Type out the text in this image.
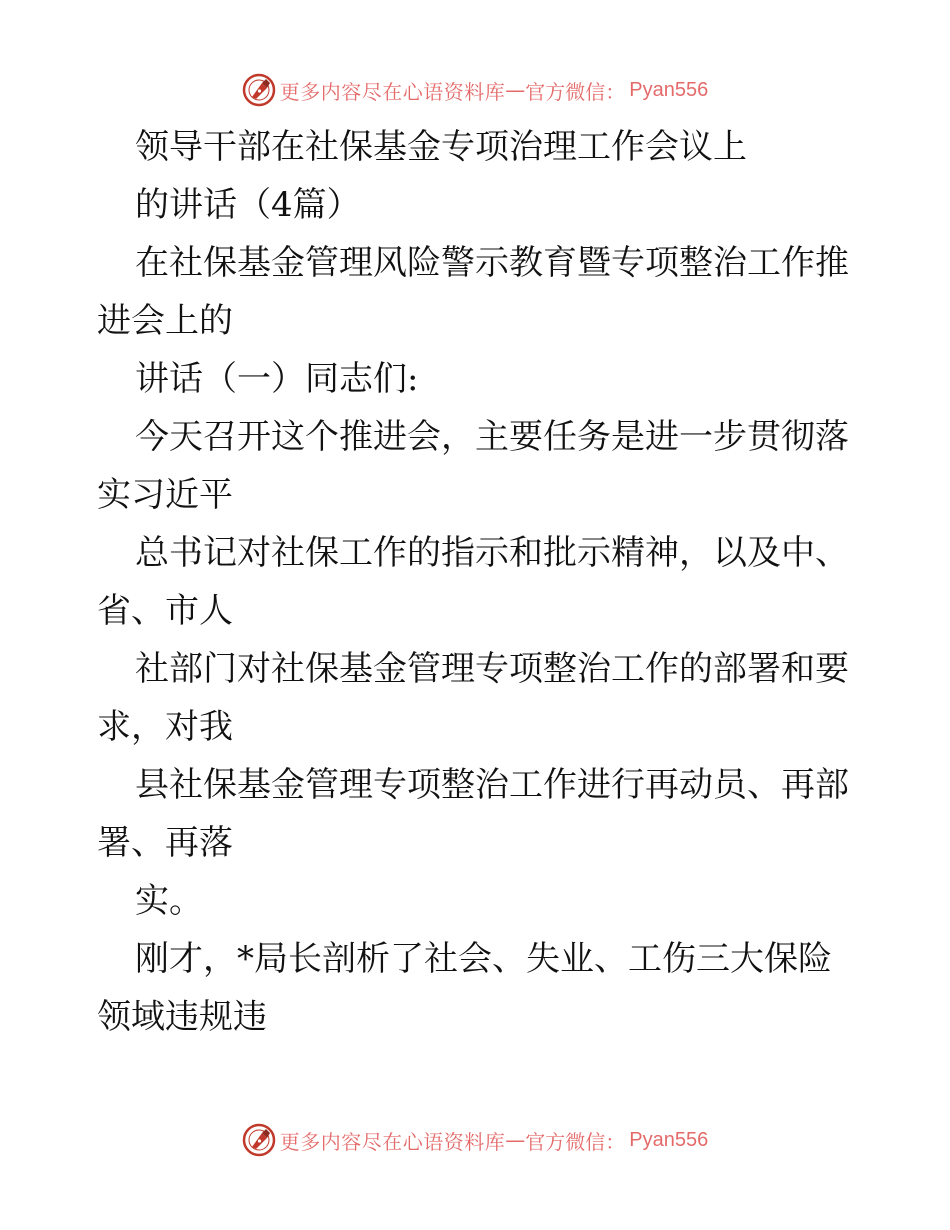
更多内容尽在心语资料库 — 官方微信： Pyan556
领导干部在社保基金专项治理工作会议上
的讲话（4篇）
在社保基金管理风险警示教育暨专项整治工作推
进会上的
讲话（一）同志们:
今天召开这个推进会，主要任务是进一步贯彻落
实习近平
总书记对社保工作的指示和批示精神，以及中、
省、市人
社部门对社保基金管理专项整治工作的部署和要
求，对我
县社保基金管理专项整治工作进行再动员、再部
署、再落
实。
刚才，*局长剖析了社会、失业、工伤三大保险
领域违规违
更多内容尽在心语资料库 — 官方微信： Pyan556
